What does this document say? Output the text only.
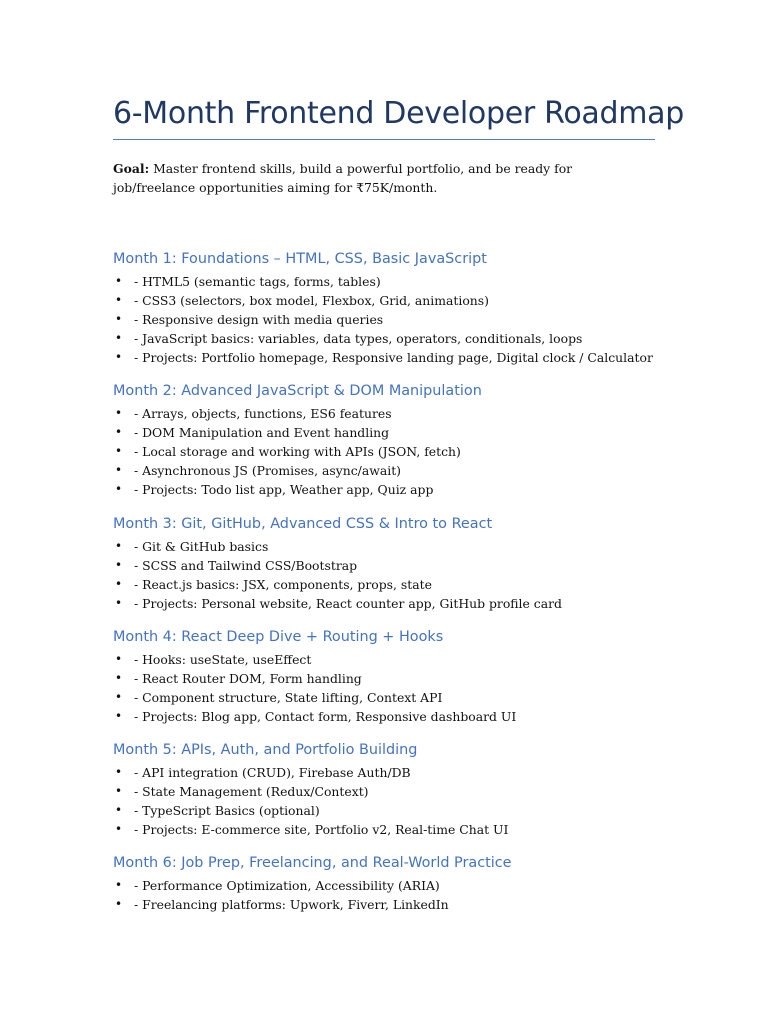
6-Month Frontend Developer Roadmap

Goal: Master frontend skills, build a powerful portfolio, and be ready for job/freelance opportunities aiming for ₹75K/month.

Month 1: Foundations – HTML, CSS, Basic JavaScript
• - HTML5 (semantic tags, forms, tables)
• - CSS3 (selectors, box model, Flexbox, Grid, animations)
• - Responsive design with media queries
• - JavaScript basics: variables, data types, operators, conditionals, loops
• - Projects: Portfolio homepage, Responsive landing page, Digital clock / Calculator
Month 2: Advanced JavaScript & DOM Manipulation
• - Arrays, objects, functions, ES6 features
• - DOM Manipulation and Event handling
• - Local storage and working with APIs (JSON, fetch)
• - Asynchronous JS (Promises, async/await)
• - Projects: Todo list app, Weather app, Quiz app
Month 3: Git, GitHub, Advanced CSS & Intro to React
• - Git & GitHub basics
• - SCSS and Tailwind CSS/Bootstrap
• - React.js basics: JSX, components, props, state
• - Projects: Personal website, React counter app, GitHub profile card
Month 4: React Deep Dive + Routing + Hooks
• - Hooks: useState, useEffect
• - React Router DOM, Form handling
• - Component structure, State lifting, Context API
• - Projects: Blog app, Contact form, Responsive dashboard UI
Month 5: APIs, Auth, and Portfolio Building
• - API integration (CRUD), Firebase Auth/DB
• - State Management (Redux/Context)
• - TypeScript Basics (optional)
• - Projects: E-commerce site, Portfolio v2, Real-time Chat UI
Month 6: Job Prep, Freelancing, and Real-World Practice
• - Performance Optimization, Accessibility (ARIA)
• - Freelancing platforms: Upwork, Fiverr, LinkedIn
